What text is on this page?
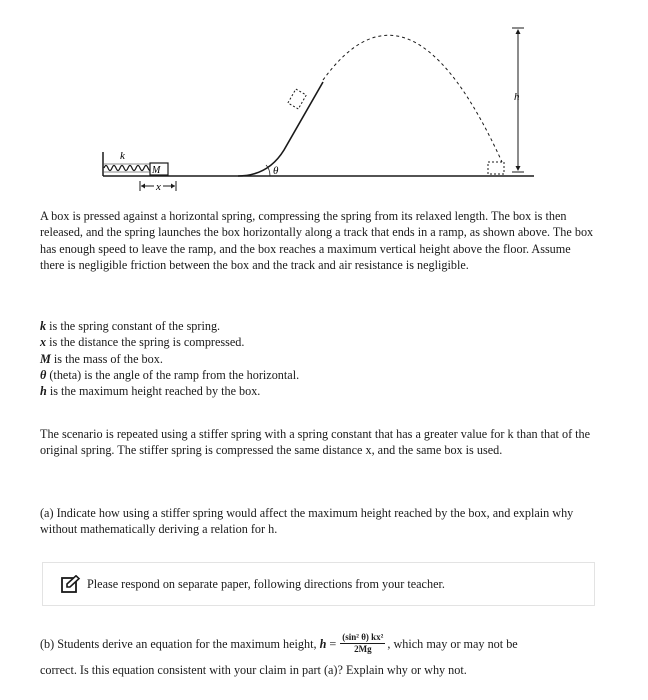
k
M
x
θ
h

A box is pressed against a horizontal spring, compressing the spring from its relaxed length. The box is then released, and the spring launches the box horizontally along a track that ends in a ramp, as shown above. The box has enough speed to leave the ramp, and the box reaches a maximum vertical height above the floor. Assume there is negligible friction between the box and the track and air resistance is negligible.

k is the spring constant of the spring.
x is the distance the spring is compressed.
M is the mass of the box.
θ (theta) is the angle of the ramp from the horizontal.
h is the maximum height reached by the box.

The scenario is repeated using a stiffer spring with a spring constant that has a greater value for k than that of the original spring. The stiffer spring is compressed the same distance x, and the same box is used.

(a) Indicate how using a stiffer spring would affect the maximum height reached by the box, and explain why without mathematically deriving a relation for h.

Please respond on separate paper, following directions from your teacher.
(b) Students derive an equation for the maximum height,
h
= $\frac{\text{(sin² θ) kx²}}{2Mg}$ , which may or may not be
correct. Is this equation consistent with your claim in part (a)? Explain why or why not.
